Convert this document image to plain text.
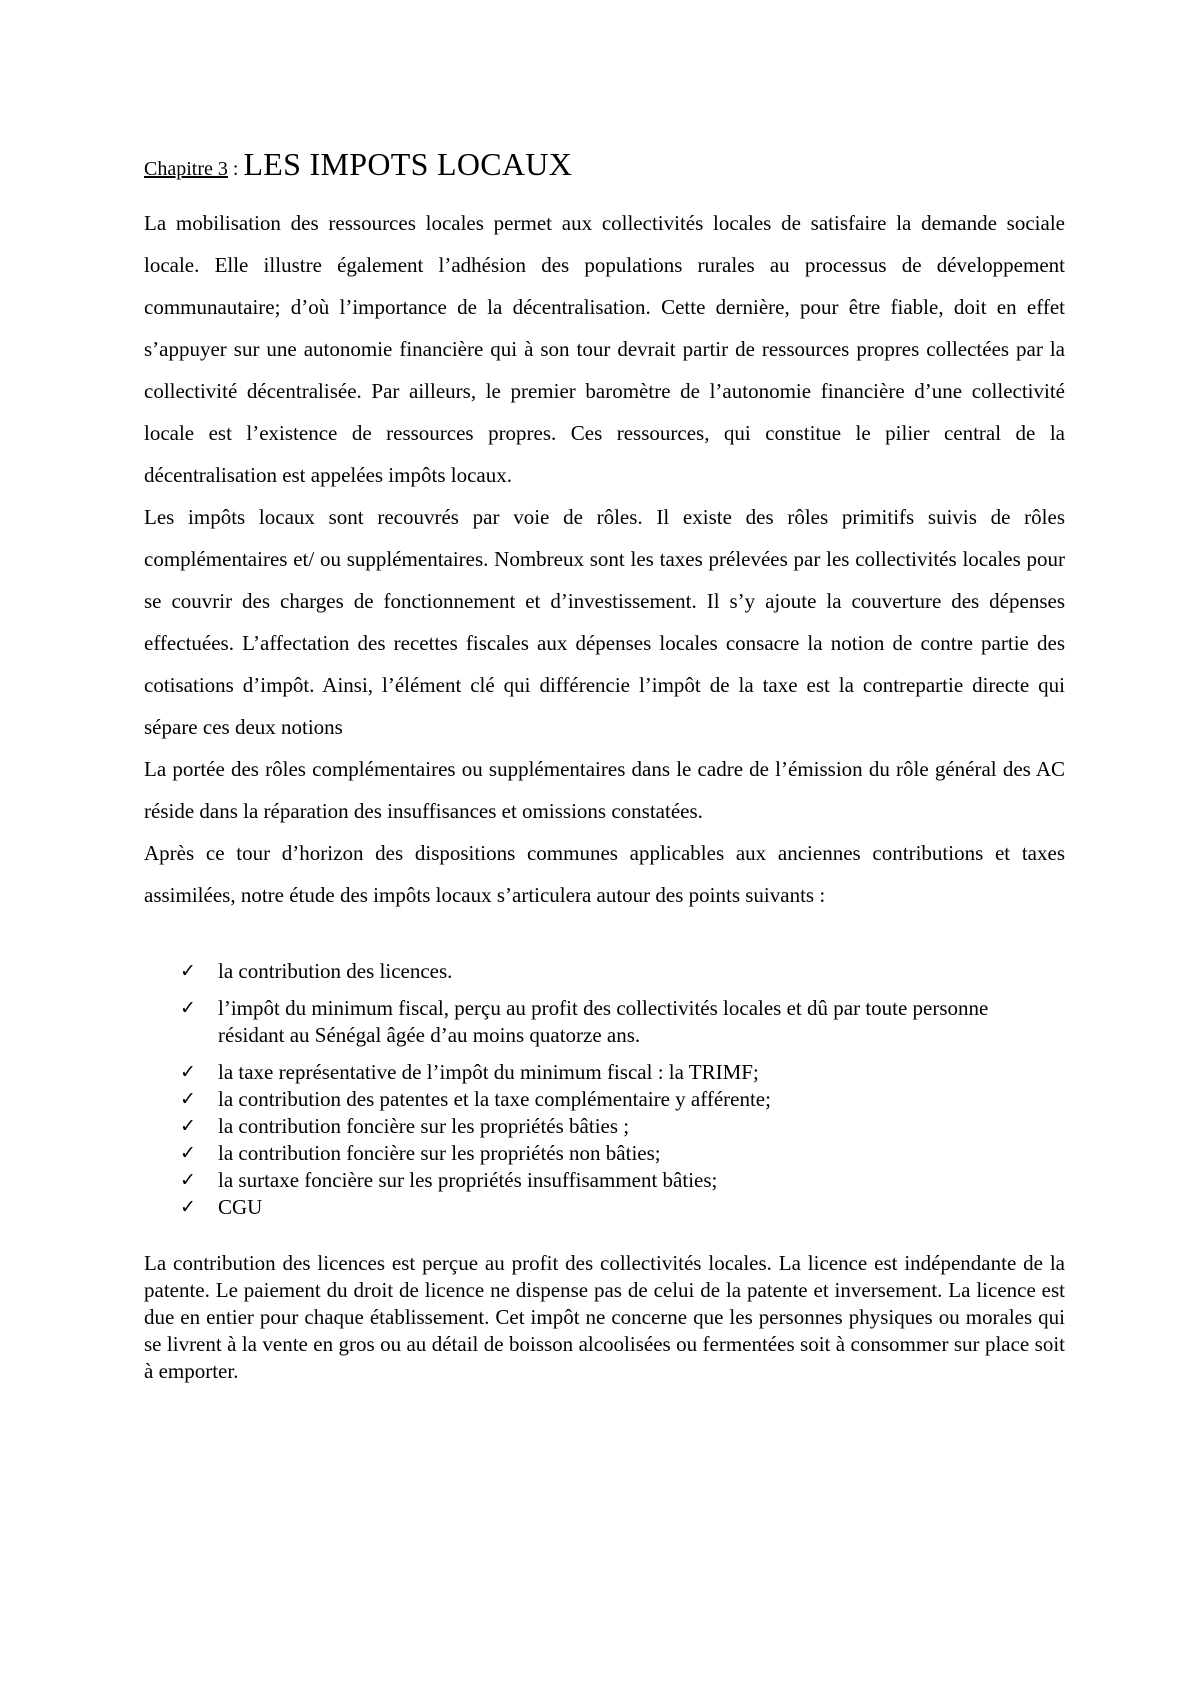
Chapitre 3 : LES IMPOTS LOCAUX

La mobilisation des ressources locales permet aux collectivités locales de satisfaire la demande sociale locale. Elle illustre également l’adhésion des populations rurales au processus de développement communautaire; d’où l’importance de la décentralisation. Cette dernière, pour être fiable, doit en effet s’appuyer sur une autonomie financière qui à son tour devrait partir de ressources propres collectées par la collectivité décentralisée. Par ailleurs, le premier baromètre de l’autonomie financière d’une collectivité locale est l’existence de ressources propres. Ces ressources, qui constitue le pilier central de la décentralisation est appelées impôts locaux.

Les impôts locaux sont recouvrés par voie de rôles. Il existe des rôles primitifs suivis de rôles complémentaires et/ ou supplémentaires. Nombreux sont les taxes prélevées par les collectivités locales pour se couvrir des charges de fonctionnement et d’investissement. Il s’y ajoute la couverture des dépenses effectuées. L’affectation des recettes fiscales aux dépenses locales consacre la notion de contre partie des cotisations d’impôt. Ainsi, l’élément clé qui différencie l’impôt de la taxe est la contrepartie directe qui sépare ces deux notions

La portée des rôles complémentaires ou supplémentaires dans le cadre de l’émission du rôle général des AC réside dans la réparation des insuffisances et omissions constatées.

Après ce tour d’horizon des dispositions communes applicables aux anciennes contributions et taxes assimilées, notre étude des impôts locaux s’articulera autour des points suivants :

✓ la contribution des licences.
✓ l’impôt du minimum fiscal, perçu au profit des collectivités locales et dû par toute personne résidant au Sénégal âgée d’au moins quatorze ans.
✓ la taxe représentative de l’impôt du minimum fiscal : la TRIMF;
✓ la contribution des patentes et la taxe complémentaire y afférente;
✓ la contribution foncière sur les propriétés bâties ;
✓ la contribution foncière sur les propriétés non bâties;
✓ la surtaxe foncière sur les propriétés insuffisamment bâties;
✓ CGU

La contribution des licences est perçue au profit des collectivités locales. La licence est indépendante de la patente. Le paiement du droit de licence ne dispense pas de celui de la patente et inversement. La licence est due en entier pour chaque établissement. Cet impôt ne concerne que les personnes physiques ou morales qui se livrent à la vente en gros ou au détail de boisson alcoolisées ou fermentées soit à consommer sur place soit à emporter.
